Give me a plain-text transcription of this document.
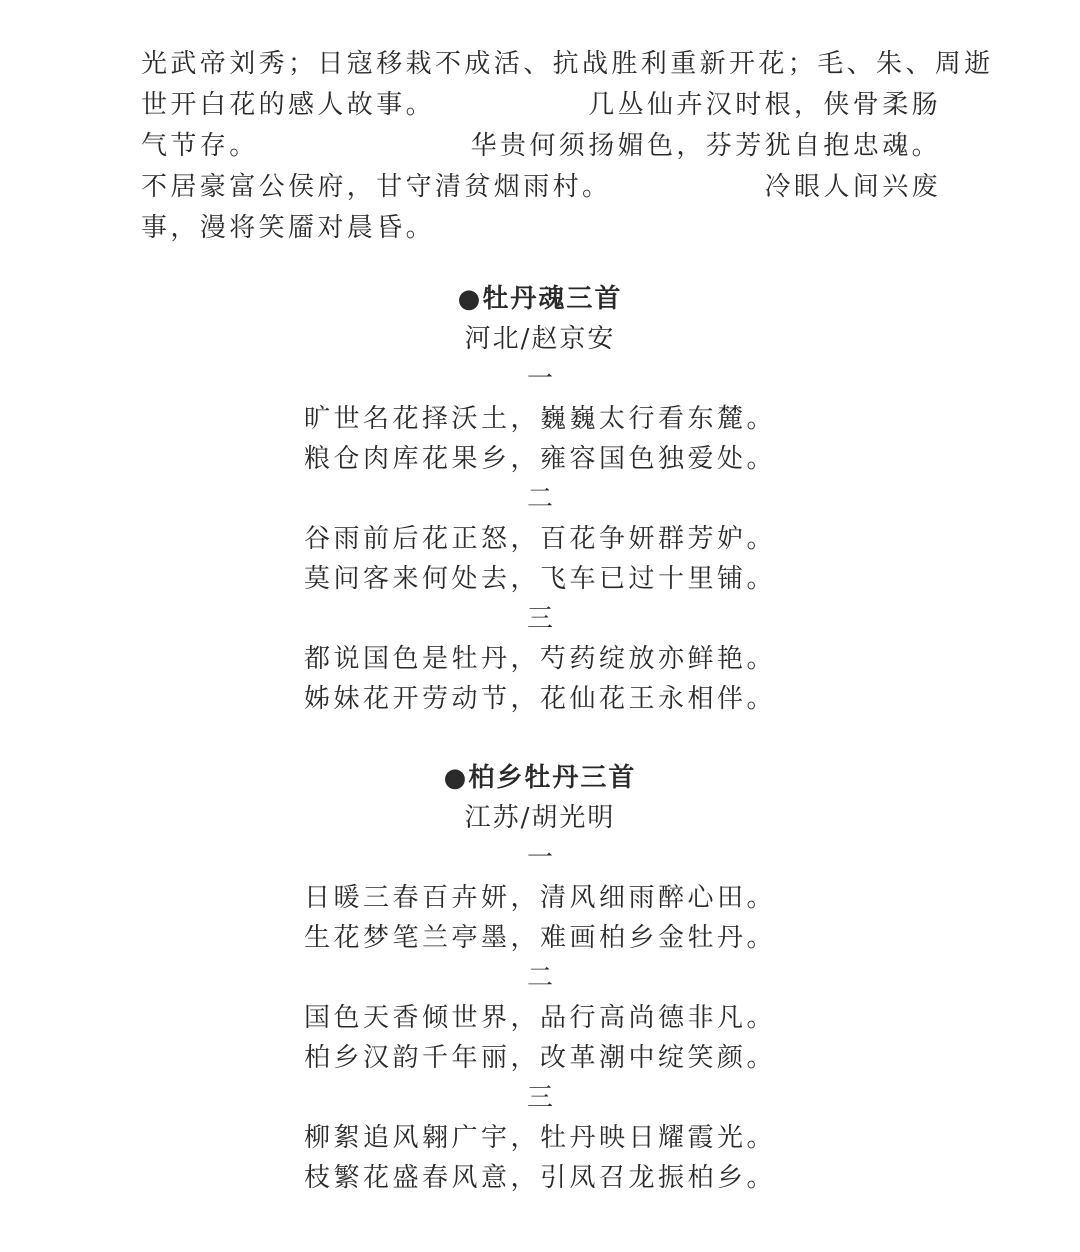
光武帝刘秀；日寇移栽不成活、抗战胜利重新开花；毛、朱、周逝
世开白花的感人故事。	几丛仙卉汉时根，侠骨柔肠
气节存。	华贵何须扬媚色，芬芳犹自抱忠魂。
不居豪富公侯府，甘守清贫烟雨村。	冷眼人间兴废
事，漫将笑靥对晨昏。
●牡丹魂三首
河北/赵京安
一
旷世名花择沃土，巍巍太行看东麓。
粮仓肉库花果乡，雍容国色独爱处。
二
谷雨前后花正怒，百花争妍群芳妒。
莫问客来何处去，飞车已过十里铺。
三
都说国色是牡丹，芍药绽放亦鲜艳。
姊妹花开劳动节，花仙花王永相伴。
●柏乡牡丹三首
江苏/胡光明
一
日暖三春百卉妍，清风细雨醉心田。
生花梦笔兰亭墨，难画柏乡金牡丹。
二
国色天香倾世界，品行高尚德非凡。
柏乡汉韵千年丽，改革潮中绽笑颜。
三
柳絮追风翱广宇，牡丹映日耀霞光。
枝繁花盛春风意，引凤召龙振柏乡。
